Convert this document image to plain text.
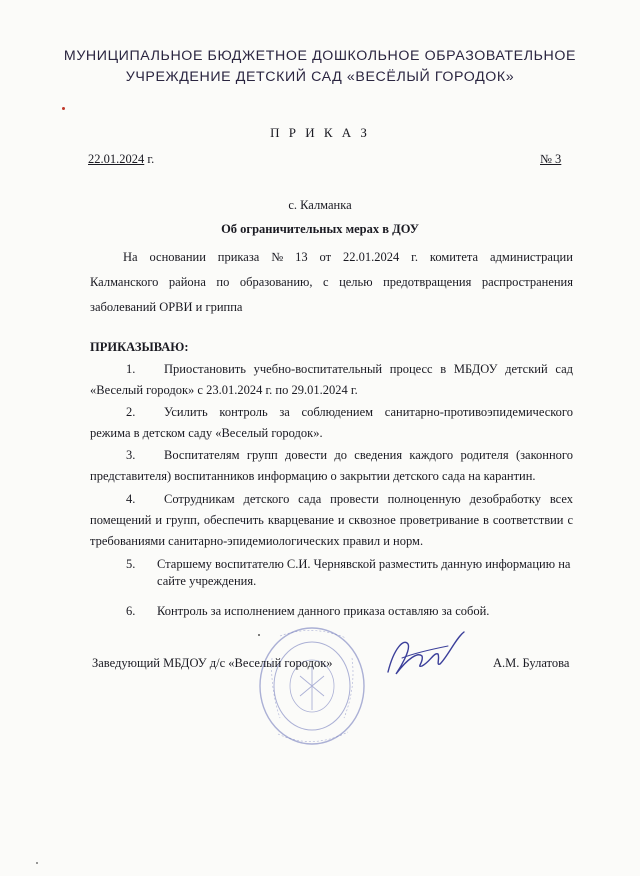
МУНИЦИПАЛЬНОЕ БЮДЖЕТНОЕ ДОШКОЛЬНОЕ ОБРАЗОВАТЕЛЬНОЕ
УЧРЕЖДЕНИЕ ДЕТСКИЙ САД «ВЕСЁЛЫЙ ГОРОДОК»
П Р И К А З
22.01.2024 г.	№ 3
с. Калманка
Об ограничительных мерах в ДОУ
На основании приказа № 13 от 22.01.2024 г. комитета администрации
Калманского района по образованию, с целью предотвращения распространения
заболеваний ОРВИ и гриппа
ПРИКАЗЫВАЮ:
1. Приостановить учебно-воспитательный процесс в МБДОУ детский сад
«Веселый городок» с 23.01.2024 г. по 29.01.2024 г.
2. Усилить контроль за соблюдением санитарно-противоэпидемического
режима в детском саду «Веселый городок».
3. Воспитателям групп довести до сведения каждого родителя (законного
представителя) воспитанников информацию о закрытии детского сада на карантин.
4. Сотрудникам детского сада провести полноценную дезобработку всех
помещений и групп, обеспечить кварцевание и сквозное проветривание в соответствии с
требованиями санитарно-эпидемиологических правил и норм.
5. Старшему воспитателю С.И. Чернявской разместить данную информацию на
сайте учреждения.
6. Контроль за исполнением данного приказа оставляю за собой.
Заведующий МБДОУ д/с «Веселый городок»	А.М. Булатова
